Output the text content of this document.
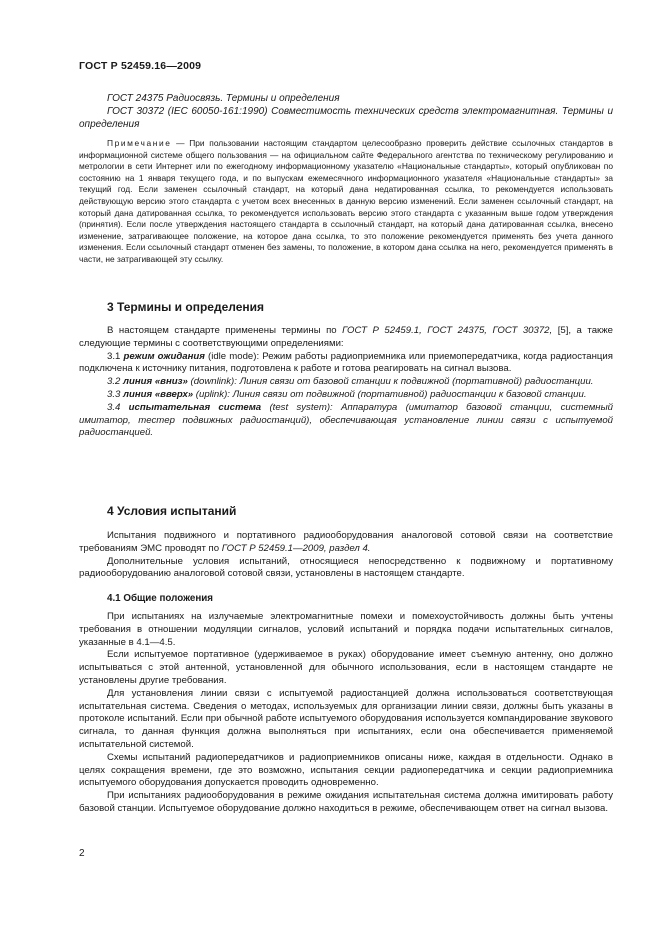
ГОСТ Р 52459.16—2009

ГОСТ 24375 Радиосвязь. Термины и определения

ГОСТ 30372 (IEC 60050-161:1990) Совместимость технических средств электромагнитная. Термины и определения

Примечание — При пользовании настоящим стандартом целесообразно проверить действие ссылочных стандартов в информационной системе общего пользования — на официальном сайте Федерального агентства по техническому регулированию и метрологии в сети Интернет или по ежегодному информационному указателю «Национальные стандарты», который опубликован по состоянию на 1 января текущего года, и по выпускам ежемесячного информационного указателя «Национальные стандарты» за текущий год. Если заменен ссылочный стандарт, на который дана недатированная ссылка, то рекомендуется использовать действующую версию этого стандарта с учетом всех внесенных в данную версию изменений. Если заменен ссылочный стандарт, на который дана датированная ссылка, то рекомендуется использовать версию этого стандарта с указанным выше годом утверждения (принятия). Если после утверждения настоящего стандарта в ссылочный стандарт, на который дана датированная ссылка, внесено изменение, затрагивающее положение, на которое дана ссылка, то это положение рекомендуется применять без учета данного изменения. Если ссылочный стандарт отменен без замены, то положение, в котором дана ссылка на него, рекомендуется применять в части, не затрагивающей эту ссылку.

3 Термины и определения

В настоящем стандарте применены термины по ГОСТ Р 52459.1, ГОСТ 24375, ГОСТ 30372, [5], а также следующие термины с соответствующими определениями:

3.1 режим ожидания (idle mode): Режим работы радиоприемника или приемопередатчика, когда радиостанция подключена к источнику питания, подготовлена к работе и готова реагировать на сигнал вызова.

3.2 линия «вниз» (downlink): Линия связи от базовой станции к подвижной (портативной) радиостанции.

3.3 линия «вверх» (uplink): Линия связи от подвижной (портативной) радиостанции к базовой станции.

3.4 испытательная система (test system): Аппаратура (имитатор базовой станции, системный имитатор, тестер подвижных радиостанций), обеспечивающая установление линии связи с испытуемой радиостанцией.

4 Условия испытаний

Испытания подвижного и портативного радиооборудования аналоговой сотовой связи на соответствие требованиям ЭМС проводят по ГОСТ Р 52459.1—2009, раздел 4.

Дополнительные условия испытаний, относящиеся непосредственно к подвижному и портативному радиооборудованию аналоговой сотовой связи, установлены в настоящем стандарте.

4.1 Общие положения

При испытаниях на излучаемые электромагнитные помехи и помехоустойчивость должны быть учтены требования в отношении модуляции сигналов, условий испытаний и порядка подачи испытательных сигналов, указанные в 4.1—4.5.

Если испытуемое портативное (удерживаемое в руках) оборудование имеет съемную антенну, оно должно испытываться с этой антенной, установленной для обычного использования, если в настоящем стандарте не установлены другие требования.

Для установления линии связи с испытуемой радиостанцией должна использоваться соответствующая испытательная система. Сведения о методах, используемых для организации линии связи, должны быть указаны в протоколе испытаний. Если при обычной работе испытуемого оборудования используется компандирование звукового сигнала, то данная функция должна выполняться при испытаниях, если она обеспечивается применяемой испытательной системой.

Схемы испытаний радиопередатчиков и радиоприемников описаны ниже, каждая в отдельности. Однако в целях сокращения времени, где это возможно, испытания секции радиопередатчика и секции радиоприемника испытуемого оборудования допускается проводить одновременно.

При испытаниях радиооборудования в режиме ожидания испытательная система должна имитировать работу базовой станции. Испытуемое оборудование должно находиться в режиме, обеспечивающем ответ на сигнал вызова.

2
